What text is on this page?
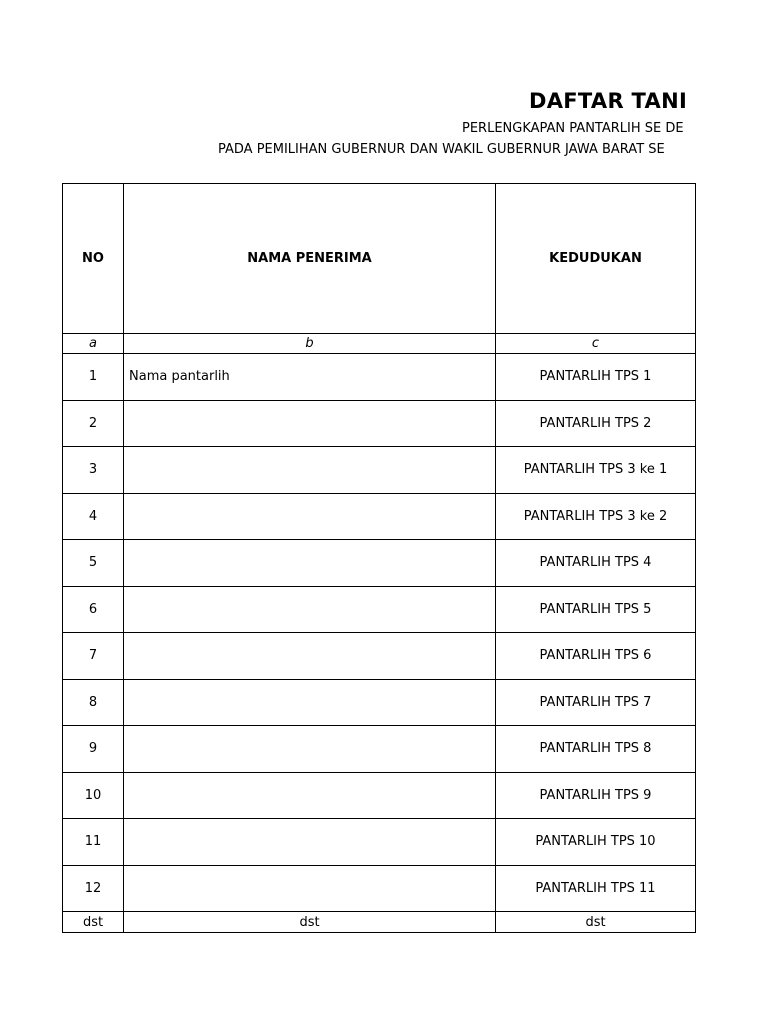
DAFTAR TANI
PERLENGKAPAN PANTARLIH SE DE
PADA PEMILIHAN GUBERNUR DAN WAKIL GUBERNUR JAWA BARAT SE
NO	NAMA PENERIMA	KEDUDUKAN
a	b	c
1	Nama pantarlih	PANTARLIH TPS 1
2		PANTARLIH TPS 2
3		PANTARLIH TPS 3 ke 1
4		PANTARLIH TPS 3 ke 2
5		PANTARLIH TPS 4
6		PANTARLIH TPS 5
7		PANTARLIH TPS 6
8		PANTARLIH TPS 7
9		PANTARLIH TPS 8
10		PANTARLIH TPS 9
11		PANTARLIH TPS 10
12		PANTARLIH TPS 11
dst	dst	dst
